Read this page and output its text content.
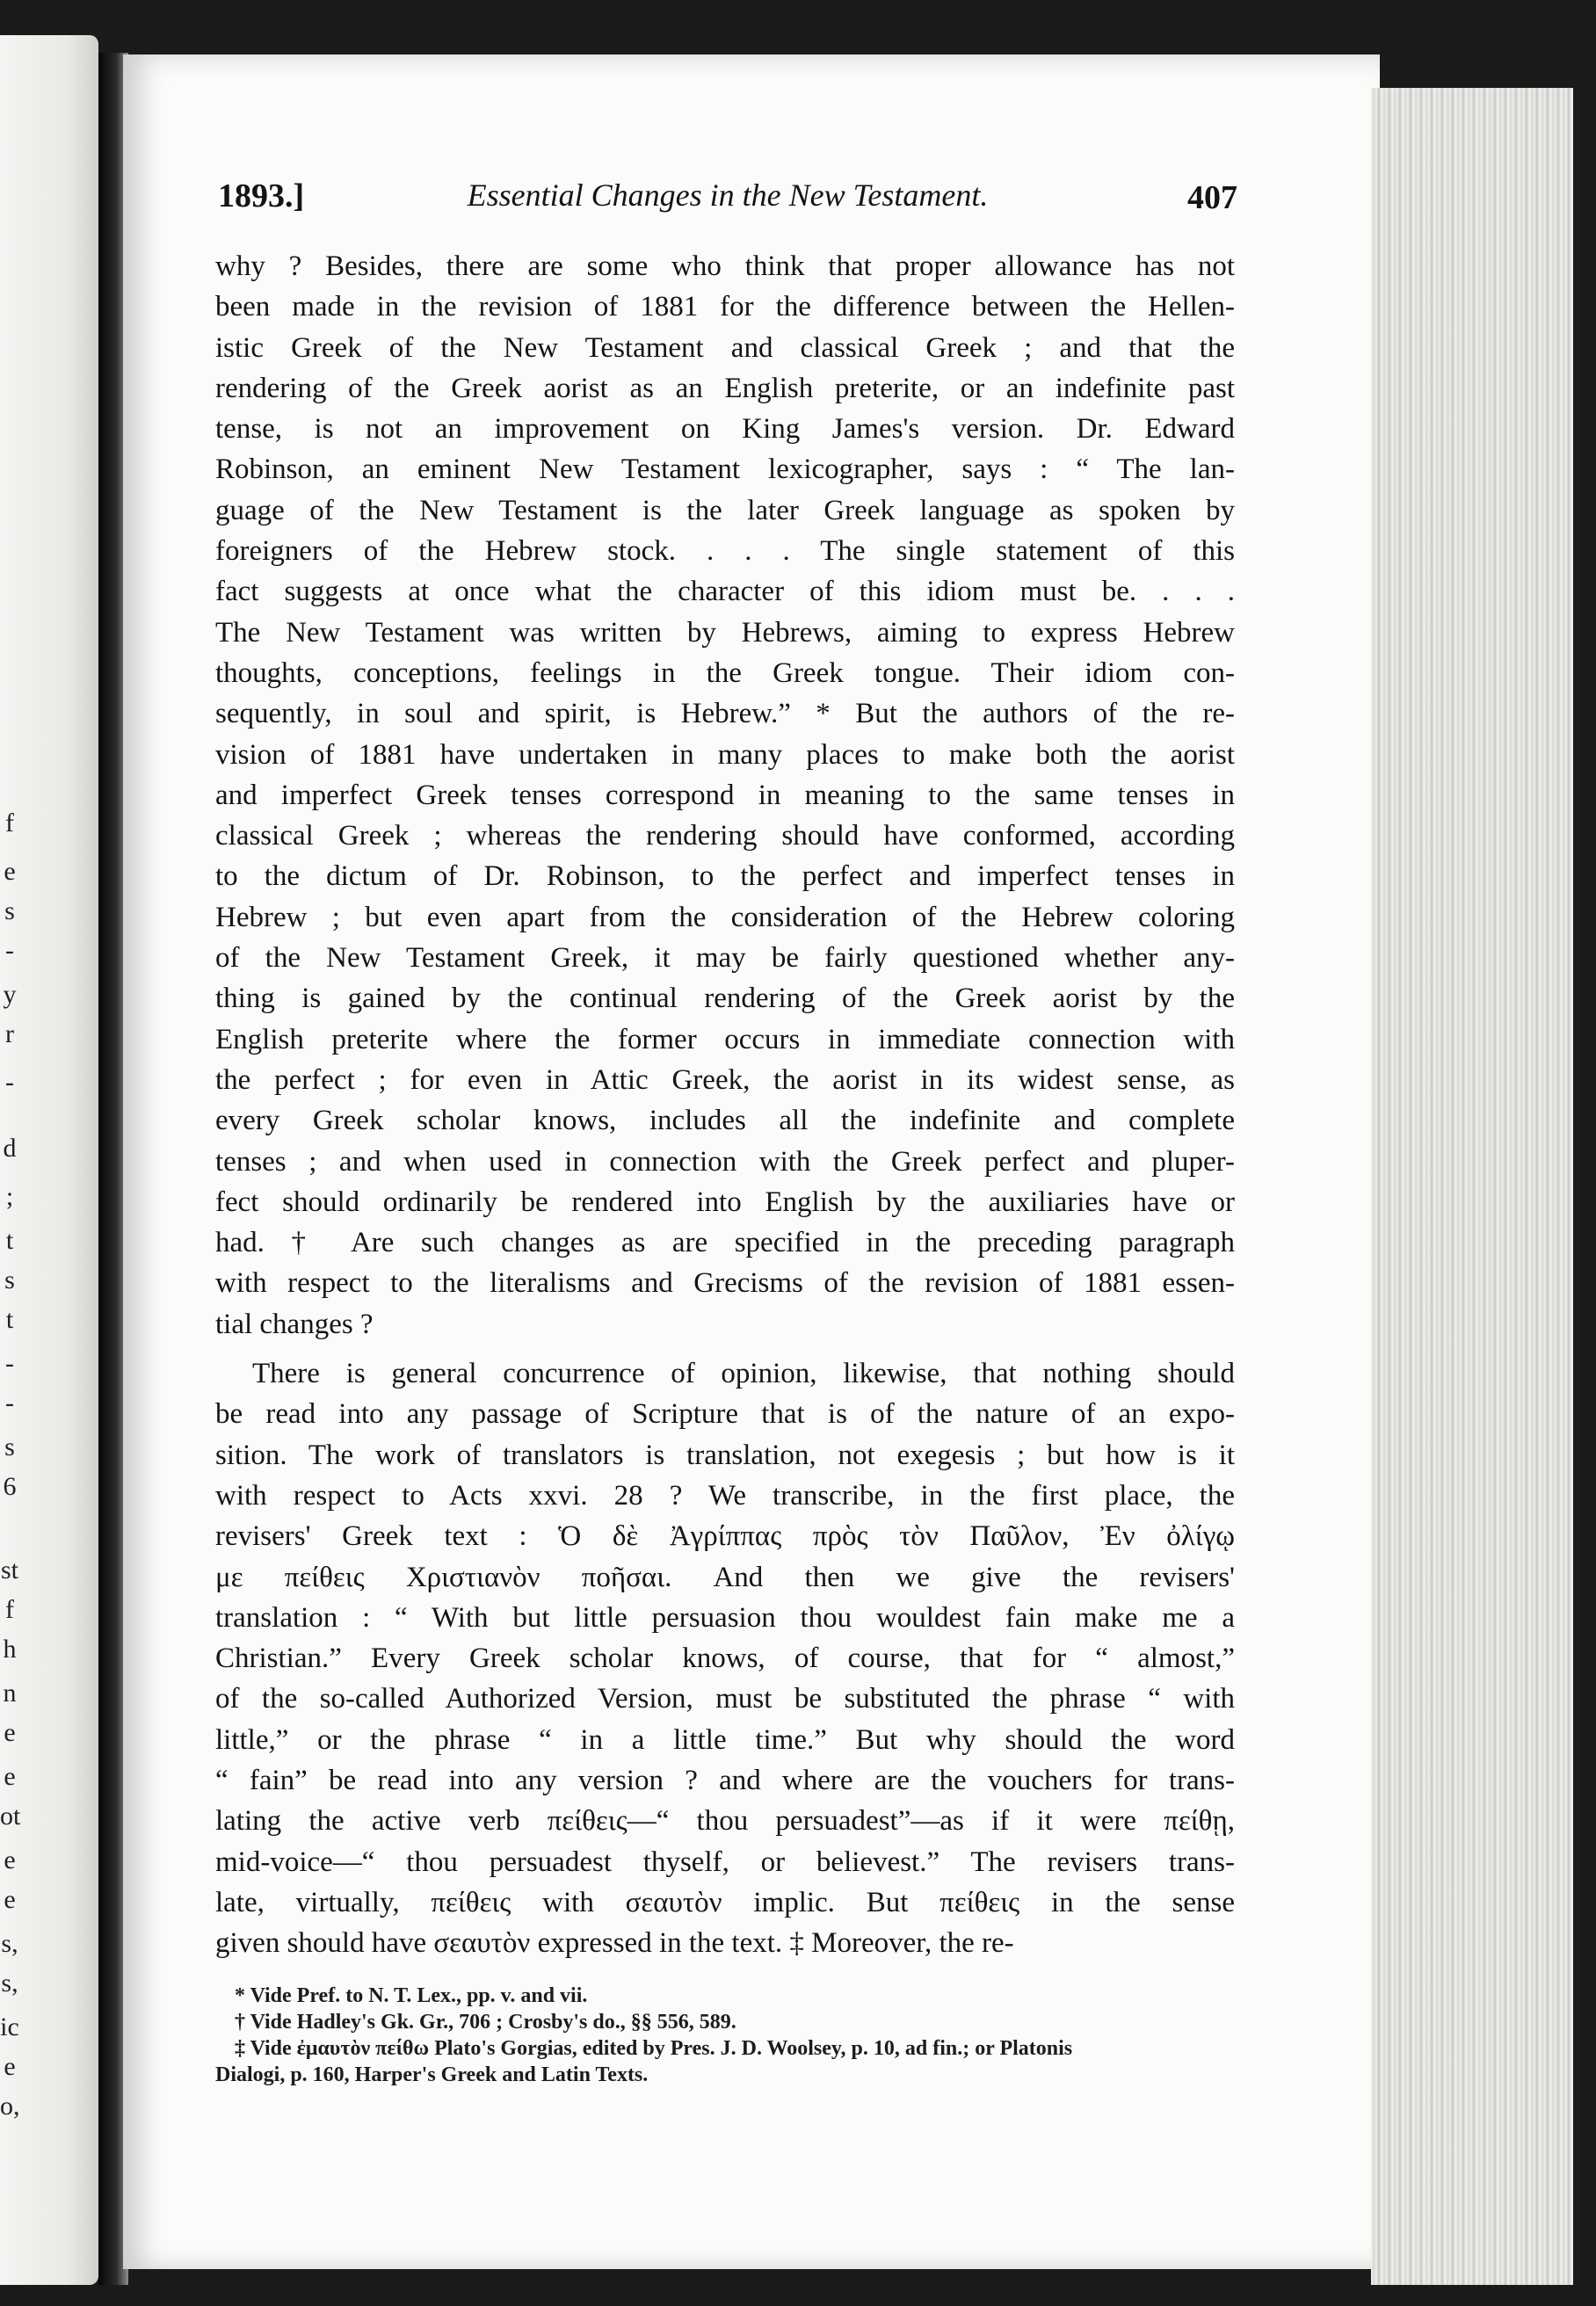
f
e
s
-
y
r
-
d
;
t
s
t
-
-
s
6
st
f
h
n
e
e
ot
e
e
s,
s,
ic
e
o,
1893.]	Essential Changes in the New Testament.	407
why ? Besides, there are some who think that proper allowance has not
been made in the revision of 1881 for the difference between the Hellen-
istic Greek of the New Testament and classical Greek ; and that the
rendering of the Greek aorist as an English preterite, or an indefinite past
tense, is not an improvement on King James's version. Dr. Edward
Robinson, an eminent New Testament lexicographer, says : “ The lan-
guage of the New Testament is the later Greek language as spoken by
foreigners of the Hebrew stock. . . . The single statement of this
fact suggests at once what the character of this idiom must be. . . .
The New Testament was written by Hebrews, aiming to express Hebrew
thoughts, conceptions, feelings in the Greek tongue. Their idiom con-
sequently, in soul and spirit, is Hebrew.” * But the authors of the re-
vision of 1881 have undertaken in many places to make both the aorist
and imperfect Greek tenses correspond in meaning to the same tenses in
classical Greek ; whereas the rendering should have conformed, according
to the dictum of Dr. Robinson, to the perfect and imperfect tenses in
Hebrew ; but even apart from the consideration of the Hebrew coloring
of the New Testament Greek, it may be fairly questioned whether any-
thing is gained by the continual rendering of the Greek aorist by the
English preterite where the former occurs in immediate connection with
the perfect ; for even in Attic Greek, the aorist in its widest sense, as
every Greek scholar knows, includes all the indefinite and complete
tenses ; and when used in connection with the Greek perfect and pluper-
fect should ordinarily be rendered into English by the auxiliaries have or
had. † Are such changes as are specified in the preceding paragraph
with respect to the literalisms and Grecisms of the revision of 1881 essen-
tial changes ?
There is general concurrence of opinion, likewise, that nothing should
be read into any passage of Scripture that is of the nature of an expo-
sition. The work of translators is translation, not exegesis ; but how is it
with respect to Acts xxvi. 28 ? We transcribe, in the first place, the
revisers' Greek text : Ὁ δὲ Ἀγρίππας πρὸς τὸν Παῦλον, Ἐν ὀλίγῳ
με πείθεις Χριστιανὸν ποῆσαι. And then we give the revisers'
translation : “ With but little persuasion thou wouldest fain make me a
Christian.” Every Greek scholar knows, of course, that for “ almost,”
of the so-called Authorized Version, must be substituted the phrase “ with
little,” or the phrase “ in a little time.” But why should the word
“ fain” be read into any version ? and where are the vouchers for trans-
lating the active verb πείθεις—“ thou persuadest”—as if it were πείθῃ,
mid-voice—“ thou persuadest thyself, or believest.” The revisers trans-
late, virtually, πείθεις with σεαυτὸν implic. But πείθεις in the sense
given should have σεαυτὸν expressed in the text. ‡ Moreover, the re-
* Vide Pref. to N. T. Lex., pp. v. and vii.
† Vide Hadley's Gk. Gr., 706 ; Crosby's do., §§ 556, 589.
‡ Vide ἐμαυτὸν πείθω Plato's Gorgias, edited by Pres. J. D. Woolsey, p. 10, ad fin.; or Platonis
Dialogi, p. 160, Harper's Greek and Latin Texts.
